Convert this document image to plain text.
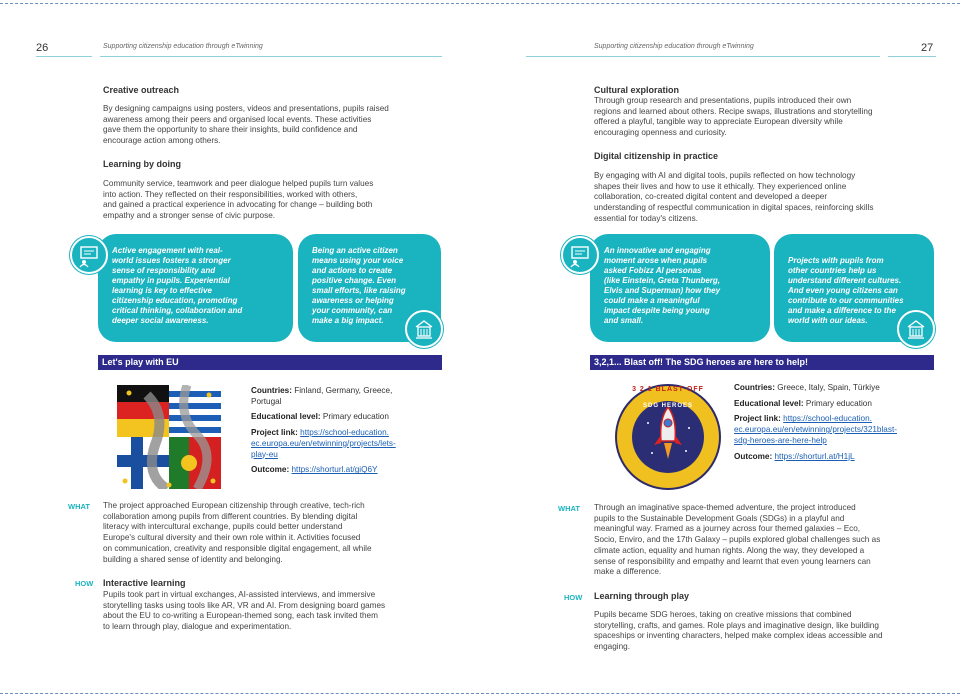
26	Supporting citizenship education through eTwinning
Creative outreach
By designing campaigns using posters, videos and presentations, pupils raised
awareness among their peers and organised local events. These activities
gave them the opportunity to share their insights, build confidence and
encourage action among others.
Learning by doing
Community service, teamwork and peer dialogue helped pupils turn values
into action. They reflected on their responsibilities, worked with others,
and gained a practical experience in advocating for change – building both
empathy and a stronger sense of civic purpose.
Active engagement with real-
world issues fosters a stronger
sense of responsibility and
empathy in pupils. Experiential
learning is key to effective
citizenship education, promoting
critical thinking, collaboration and
deeper social awareness.
Being an active citizen
means using your voice
and actions to create
positive change. Even
small efforts, like raising
awareness or helping
your community, can
make a big impact.
Let's play with EU
Countries: Finland, Germany, Greece,
Portugal
Educational level: Primary education
Project link: https://school-education.
ec.europa.eu/en/etwinning/projects/lets-
play-eu
Outcome: https://shorturl.at/giQ6Y
WHAT The project approached European citizenship through creative, tech-rich
collaboration among pupils from different countries. By blending digital
literacy with intercultural exchange, pupils could better understand
Europe's cultural diversity and their own role within it. Activities focused
on communication, creativity and responsible digital engagement, all while
building a shared sense of identity and belonging.
HOW Interactive learning
Pupils took part in virtual exchanges, AI-assisted interviews, and immersive
storytelling tasks using tools like AR, VR and AI. From designing board games
about the EU to co-writing a European-themed song, each task invited them
to learn through play, dialogue and experimentation.
Supporting citizenship education through eTwinning	27
Cultural exploration
Through group research and presentations, pupils introduced their own
regions and learned about others. Recipe swaps, illustrations and storytelling
offered a playful, tangible way to appreciate European diversity while
encouraging openness and curiosity.
Digital citizenship in practice
By engaging with AI and digital tools, pupils reflected on how technology
shapes their lives and how to use it ethically. They experienced online
collaboration, co-created digital content and developed a deeper
understanding of respectful communication in digital spaces, reinforcing skills
essential for today's citizens.
An innovative and engaging
moment arose when pupils
asked Fobizz AI personas
(like Einstein, Greta Thunberg,
Elvis and Superman) how they
could make a meaningful
impact despite being young
and small.
Projects with pupils from
other countries help us
understand different cultures.
And even young citizens can
contribute to our communities
and make a difference to the
world with our ideas.
3,2,1... Blast off! The SDG heroes are here to help!
3 2 1 BLAST OFF
SDG HEROES
Countries: Greece, Italy, Spain, Türkiye
Educational level: Primary education
Project link: https://school-education.
ec.europa.eu/en/etwinning/projects/321blast-
sdg-heroes-are-here-help
Outcome: https://shorturl.at/H1jL
WHAT Through an imaginative space-themed adventure, the project introduced
pupils to the Sustainable Development Goals (SDGs) in a playful and
meaningful way. Framed as a journey across four themed galaxies – Eco,
Socio, Enviro, and the 17th Galaxy – pupils explored global challenges such as
climate action, equality and human rights. Along the way, they developed a
sense of responsibility and empathy and learnt that even young learners can
make a difference.
HOW Learning through play
Pupils became SDG heroes, taking on creative missions that combined
storytelling, crafts, and games. Role plays and imaginative design, like building
spaceships or inventing characters, helped make complex ideas accessible and
engaging.
